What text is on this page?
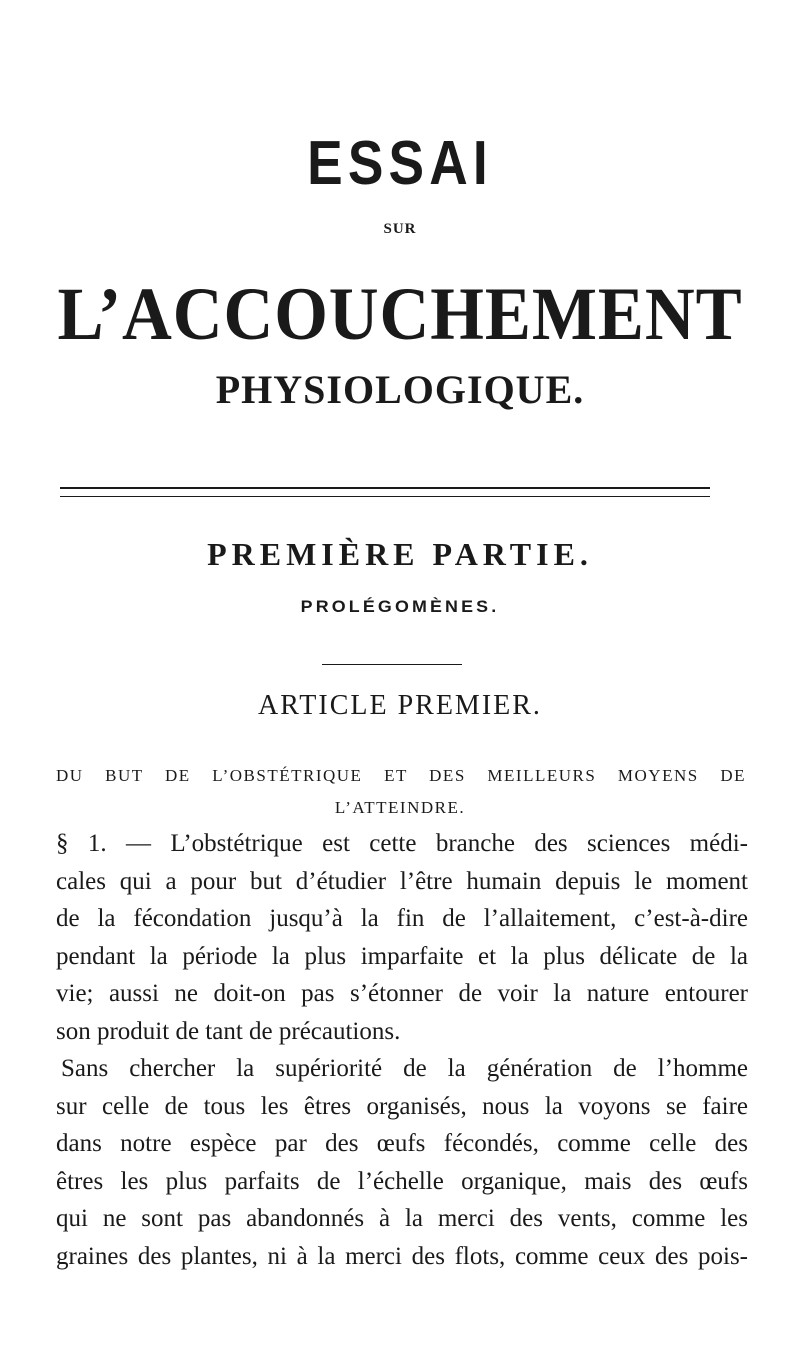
ESSAI
SUR
L’ACCOUCHEMENT
PHYSIOLOGIQUE.
PREMIÈRE PARTIE.
PROLÉGOMÈNES.
ARTICLE PREMIER.
DU BUT DE L’OBSTÉTRIQUE ET DES MEILLEURS MOYENS DE
L’ATTEINDRE.
§ 1. — L’obstétrique est cette branche des sciences médi-
cales qui a pour but d’étudier l’être humain depuis le moment
de la fécondation jusqu’à la fin de l’allaitement, c’est-à-dire
pendant la période la plus imparfaite et la plus délicate de la
vie; aussi ne doit-on pas s’étonner de voir la nature entourer
son produit de tant de précautions.
Sans chercher la supériorité de la génération de l’homme
sur celle de tous les êtres organisés, nous la voyons se faire
dans notre espèce par des œufs fécondés, comme celle des
êtres les plus parfaits de l’échelle organique, mais des œufs
qui ne sont pas abandonnés à la merci des vents, comme les
graines des plantes, ni à la merci des flots, comme ceux des pois-
